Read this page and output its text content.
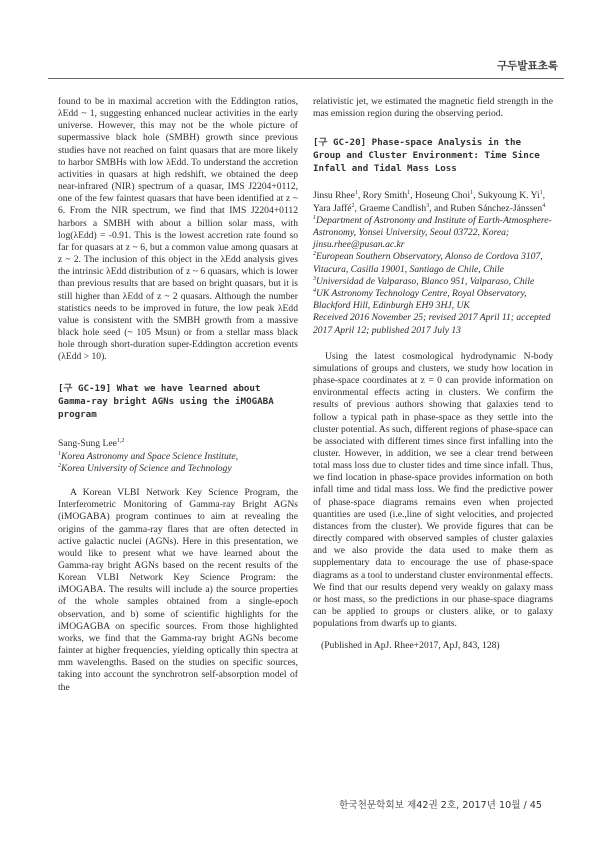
구두발표초록

found to be in maximal accretion with the Eddington ratios, λEdd ~ 1, suggesting enhanced nuclear activities in the early universe. However, this may not be the whole picture of supermassive black hole (SMBH) growth since previous studies have not reached on faint quasars that are more likely to harbor SMBHs with low λEdd. To understand the accretion activities in quasars at high redshift, we obtained the deep near-infrared (NIR) spectrum of a quasar, IMS J2204+0112, one of the few faintest quasars that have been identified at z ~ 6. From the NIR spectrum, we find that IMS J2204+0112 harbors a SMBH with about a billion solar mass, with log(λEdd) = -0.91. This is the lowest accretion rate found so far for quasars at z ~ 6, but a common value among quasars at z ~ 2. The inclusion of this object in the λEdd analysis gives the intrinsic λEdd distribution of z ~ 6 quasars, which is lower than previous results that are based on bright quasars, but it is still higher than λEdd of z ~ 2 quasars. Although the number statistics needs to be improved in future, the low peak λEdd value is consistent with the SMBH growth from a massive black hole seed (~ 105 Msun) or from a stellar mass black hole through short-duration super-Eddington accretion events (λEdd > 10).

[구 GC-19] What we have learned about Gamma-ray bright AGNs using the iMOGABA program
Sang-Sung Lee$^{1,2}$
$^1$Korea Astronomy and Space Science Institute,
$^2$Korea University of Science and Technology

A Korean VLBI Network Key Science Program, the Interferometric Monitoring of Gamma-ray Bright AGNs (iMOGABA) program continues to aim at revealing the origins of the gamma-ray flares that are often detected in active galactic nuclei (AGNs). Here in this presentation, we would like to present what we have learned about the Gamma-ray bright AGNs based on the recent results of the Korean VLBI Network Key Science Program: the iMOGABA. The results will include a) the source properties of the whole samples obtained from a single-epoch observation, and b) some of scientific highlights for the iMOGAGBA on specific sources. From those highlighted works, we find that the Gamma-ray bright AGNs become fainter at higher frequencies, yielding optically thin spectra at mm wavelengths. Based on the studies on specific sources, taking into account the synchrotron self-absorption model of the

relativistic jet, we estimated the magnetic field strength in the mas emission region during the observing period.

[구 GC-20] Phase-space Analysis in the Group and Cluster Environment: Time Since Infall and Tidal Mass Loss
Jinsu Rhee$^1$, Rory Smith$^1$, Hoseung Choi$^1$, Sukyoung K. Yi$^1$, Yara Jaffé$^2$, Graeme Candlish$^3$, and Ruben Sánchez-Jánssen$^4$
$^1$Department of Astronomy and Institute of Earth-Atmosphere-Astronomy, Yonsei University, Seoul 03722, Korea; jinsu.rhee@pusan.ac.kr
$^2$European Southern Observatory, Alonso de Cordova 3107, Vitacura, Casilla 19001, Santiago de Chile, Chile
$^3$Universidad de Valparaso, Blanco 951, Valparaso, Chile
$^4$UK Astronomy Technology Centre, Royal Observatory, Blackford Hill, Edinburgh EH9 3HJ, UK
Received 2016 November 25; revised 2017 April 11; accepted 2017 April 12; published 2017 July 13

Using the latest cosmological hydrodynamic N-body simulations of groups and clusters, we study how location in phase-space coordinates at z = 0 can provide information on environmental effects acting in clusters. We confirm the results of previous authors showing that galaxies tend to follow a typical path in phase-space as they settle into the cluster potential. As such, different regions of phase-space can be associated with different times since first infalling into the cluster. However, in addition, we see a clear trend between total mass loss due to cluster tides and time since infall. Thus, we find location in phase-space provides information on both infall time and tidal mass loss. We find the predictive power of phase-space diagrams remains even when projected quantities are used (i.e.,line of sight velocities, and projected distances from the cluster). We provide figures that can be directly compared with observed samples of cluster galaxies and we also provide the data used to make them as supplementary data to encourage the use of phase-space diagrams as a tool to understand cluster environmental effects. We find that our results depend very weakly on galaxy mass or host mass, so the predictions in our phase-space diagrams can be applied to groups or clusters alike, or to galaxy populations from dwarfs up to giants.

(Published in ApJ. Rhee+2017, ApJ, 843, 128)

한국천문학회보 제42권 2호, 2017년 10월 / 45
